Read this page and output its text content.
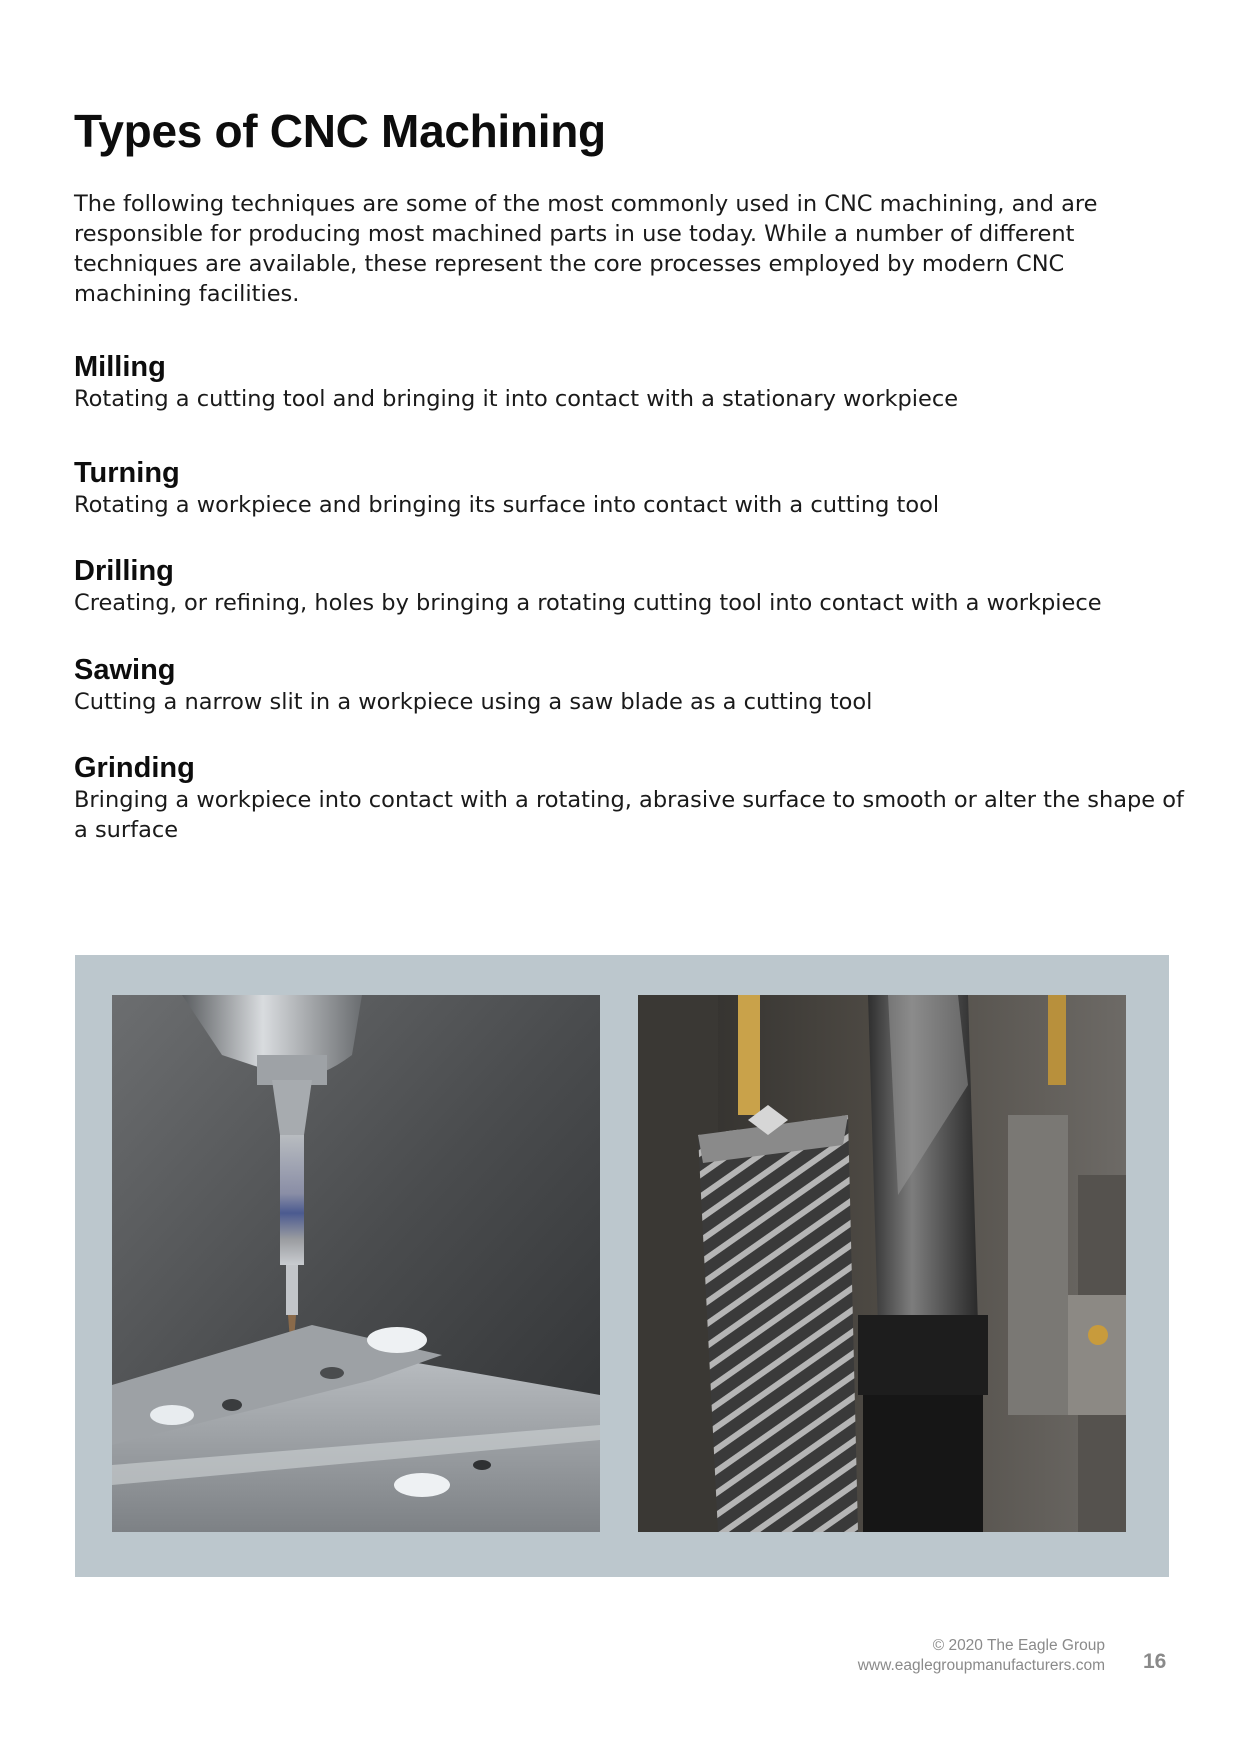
Types of CNC Machining

The following techniques are some of the most commonly used in CNC machining, and are responsible for producing most machined parts in use today. While a number of different techniques are available, these represent the core processes employed by modern CNC machining facilities.

Milling

Rotating a cutting tool and bringing it into contact with a stationary workpiece

Turning

Rotating a workpiece and bringing its surface into contact with a cutting tool

Drilling

Creating, or refining, holes by bringing a rotating cutting tool into contact with a workpiece

Sawing

Cutting a narrow slit in a workpiece using a saw blade as a cutting tool

Grinding

Bringing a workpiece into contact with a rotating, abrasive surface to smooth or alter the shape of a surface

© 2020 The Eagle Group
www.eaglegroupmanufacturers.com 16
